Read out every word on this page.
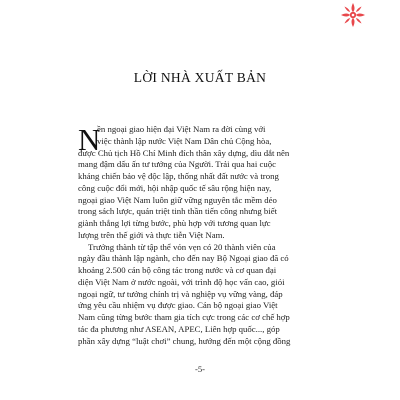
LỜI NHÀ XUẤT BẢN
N
ền ngoại giao hiện đại Việt Nam ra đời cùng với
việc thành lập nước Việt Nam Dân chủ Cộng hòa,
được Chủ tịch Hồ Chí Minh đích thân xây dựng, dìu dắt nên
mang đậm dấu ấn tư tưởng của Người. Trải qua hai cuộc
kháng chiến bảo vệ độc lập, thống nhất đất nước và trong
công cuộc đổi mới, hội nhập quốc tế sâu rộng hiện nay,
ngoại giao Việt Nam luôn giữ vững nguyên tắc mềm dẻo
trong sách lược, quán triệt tinh thần tiến công nhưng biết
giành thắng lợi từng bước, phù hợp với tương quan lực
lượng trên thế giới và thực tiễn Việt Nam.
Trưởng thành từ tập thể vỏn vẹn có 20 thành viên của
ngày đầu thành lập ngành, cho đến nay Bộ Ngoại giao đã có
khoảng 2.500 cán bộ công tác trong nước và cơ quan đại
diện Việt Nam ở nước ngoài, với trình độ học vấn cao, giỏi
ngoại ngữ, tư tưởng chính trị và nghiệp vụ vững vàng, đáp
ứng yêu cầu nhiệm vụ được giao. Cán bộ ngoại giao Việt
Nam cũng từng bước tham gia tích cực trong các cơ chế hợp
tác đa phương như ASEAN, APEC, Liên hợp quốc..., góp
phần xây dựng “luật chơi” chung, hướng đến một cộng đồng
-5-
